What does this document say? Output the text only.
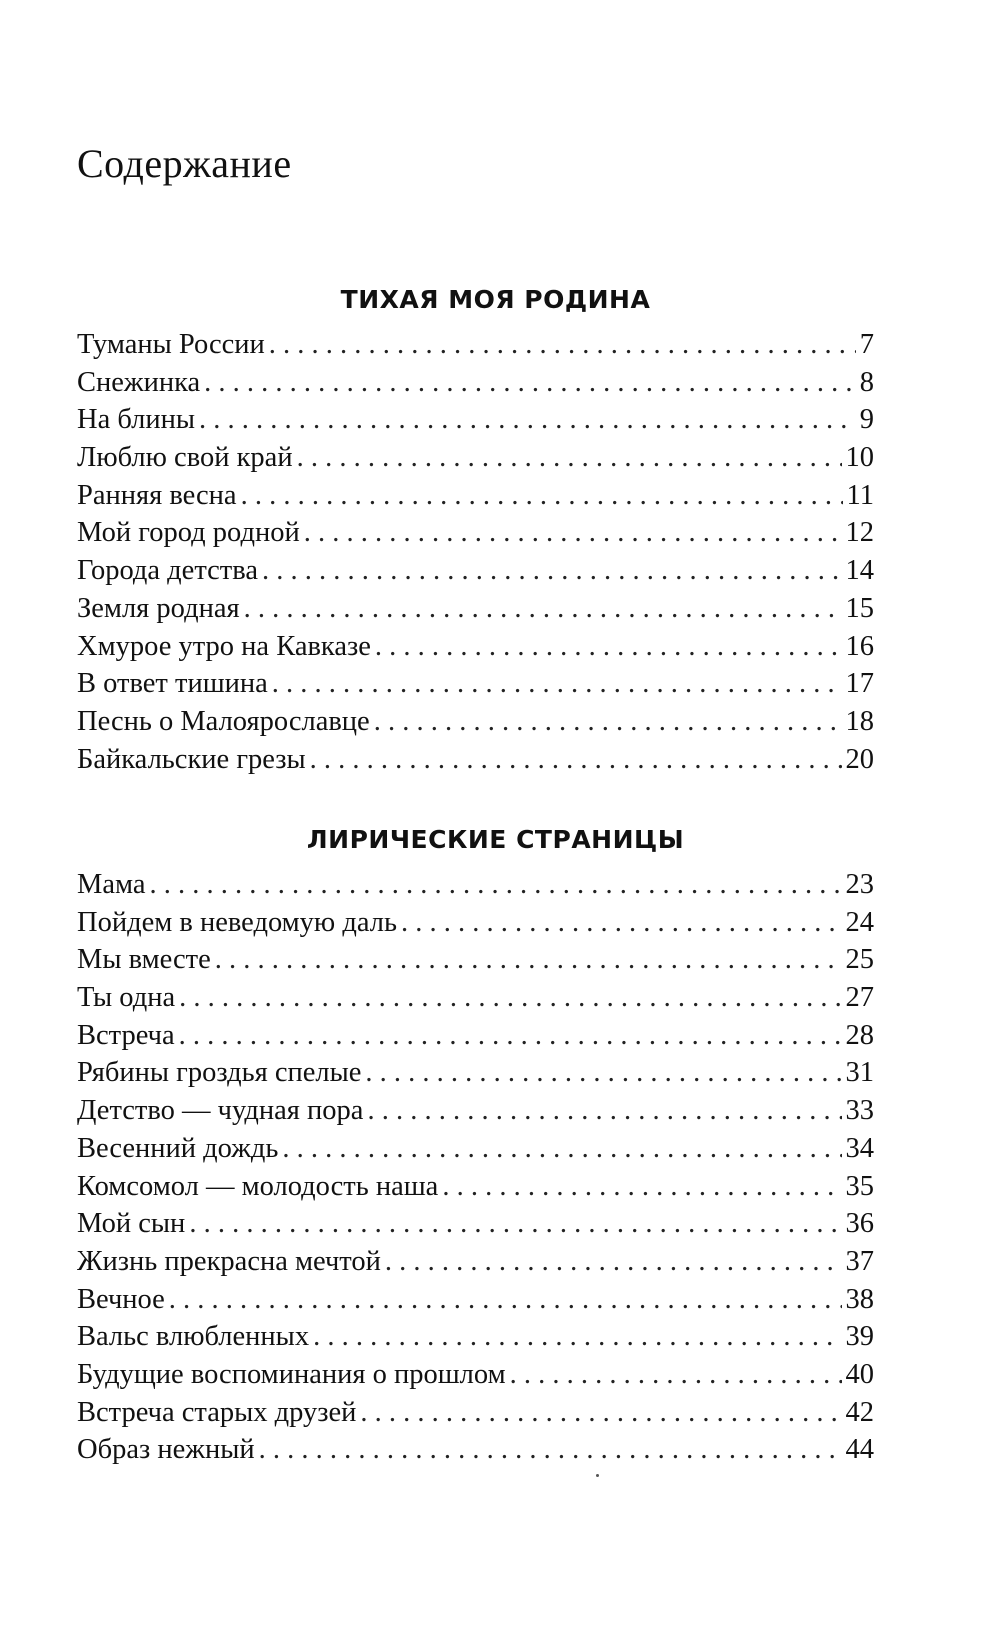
Содержание
ТИХАЯ МОЯ РОДИНА
Туманы России . . .	7
Снежинка . . .	8
На блины . . .	9
Люблю свой край . . .	10
Ранняя весна . . .	11
Мой город родной . . .	12
Города детства . . .	14
Земля родная . . .	15
Хмурое утро на Кавказе . . .	16
В ответ тишина . . .	17
Песнь о Малоярославце . . .	18
Байкальские грезы . . .	20
ЛИРИЧЕСКИЕ СТРАНИЦЫ
Мама . . .	23
Пойдем в неведомую даль . . .	24
Мы вместе . . .	25
Ты одна . . .	27
Встреча . . .	28
Рябины гроздья спелые . . .	31
Детство — чудная пора . . .	33
Весенний дождь . . .	34
Комсомол — молодость наша . . .	35
Мой сын . . .	36
Жизнь прекрасна мечтой . . .	37
Вечное . . .	38
Вальс влюбленных . . .	39
Будущие воспоминания о прошлом . . .	40
Встреча старых друзей . . .	42
Образ нежный . . .	44
